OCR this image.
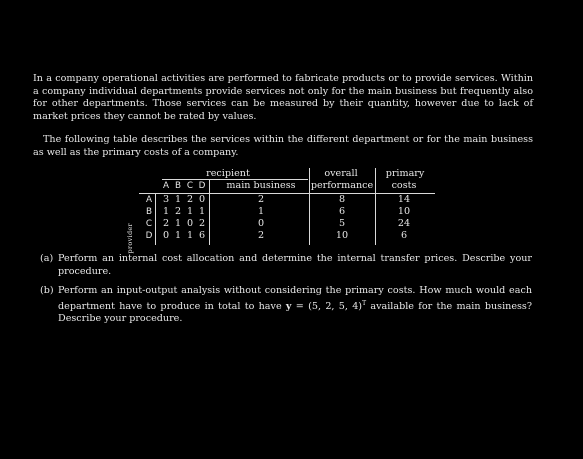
In a company operational activities are performed to fabricate products or to provide services. Within a company individual departments provide services not only for the main business but frequently also for other departments. Those services can be measured by their quantity, however due to lack of market prices they cannot be rated by values.

The following table describes the services within the different department or for the main business as well as the primary costs of a company.

recipient	overall	primary
A B C D	main business	performance	costs
provider
A	3 1 2 0	2	8	14
B	1 2 1 1	1	6	10
C	2 1 0 2	0	5	24
D	0 1 1 6	2	10	6
(a) Perform an internal cost allocation and determine the internal transfer prices. Describe your procedure.
(b) Perform an input-output analysis without considering the primary costs. How much would each department have to produce in total to have y = (5, 2, 5, 4)$^T$ available for the main business? Describe your procedure.
